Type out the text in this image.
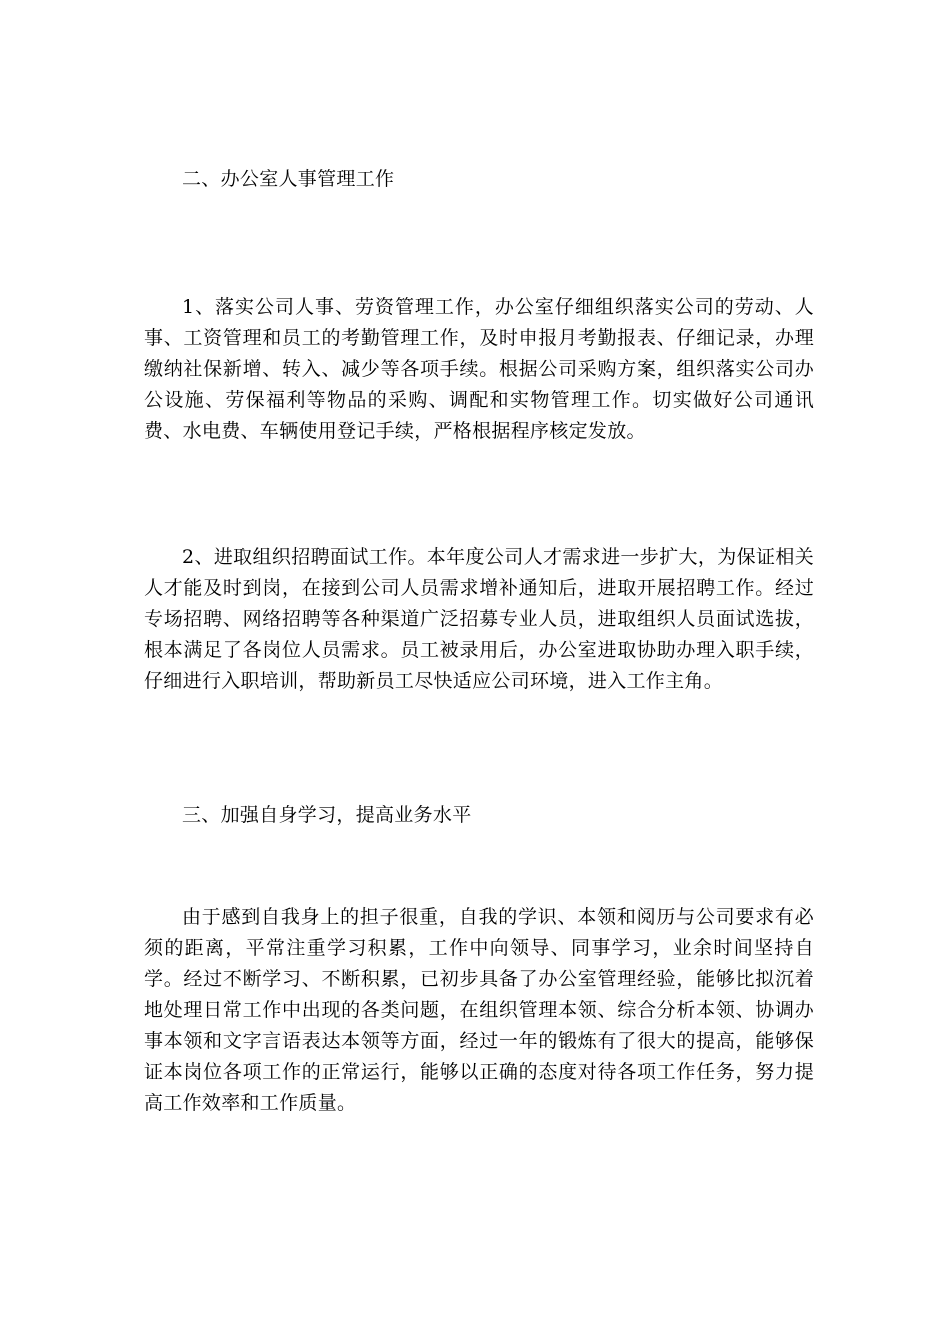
二、办公室人事管理工作

1、落实公司人事、劳资管理工作，办公室仔细组织落实公司的劳动、人事、工资管理和员工的考勤管理工作，及时申报月考勤报表、仔细记录，办理缴纳社保新增、转入、减少等各项手续。根据公司采购方案，组织落实公司办公设施、劳保福利等物品的采购、调配和实物管理工作。切实做好公司通讯费、水电费、车辆使用登记手续，严格根据程序核定发放。

2、进取组织招聘面试工作。本年度公司人才需求进一步扩大，为保证相关人才能及时到岗，在接到公司人员需求增补通知后，进取开展招聘工作。经过专场招聘、网络招聘等各种渠道广泛招募专业人员，进取组织人员面试选拔，根本满足了各岗位人员需求。员工被录用后，办公室进取协助办理入职手续，仔细进行入职培训，帮助新员工尽快适应公司环境，进入工作主角。

三、加强自身学习，提高业务水平

由于感到自我身上的担子很重，自我的学识、本领和阅历与公司要求有必须的距离，平常注重学习积累，工作中向领导、同事学习，业余时间坚持自学。经过不断学习、不断积累，已初步具备了办公室管理经验，能够比拟沉着地处理日常工作中出现的各类问题，在组织管理本领、综合分析本领、协调办事本领和文字言语表达本领等方面，经过一年的锻炼有了很大的提高，能够保证本岗位各项工作的正常运行，能够以正确的态度对待各项工作任务，努力提高工作效率和工作质量。
